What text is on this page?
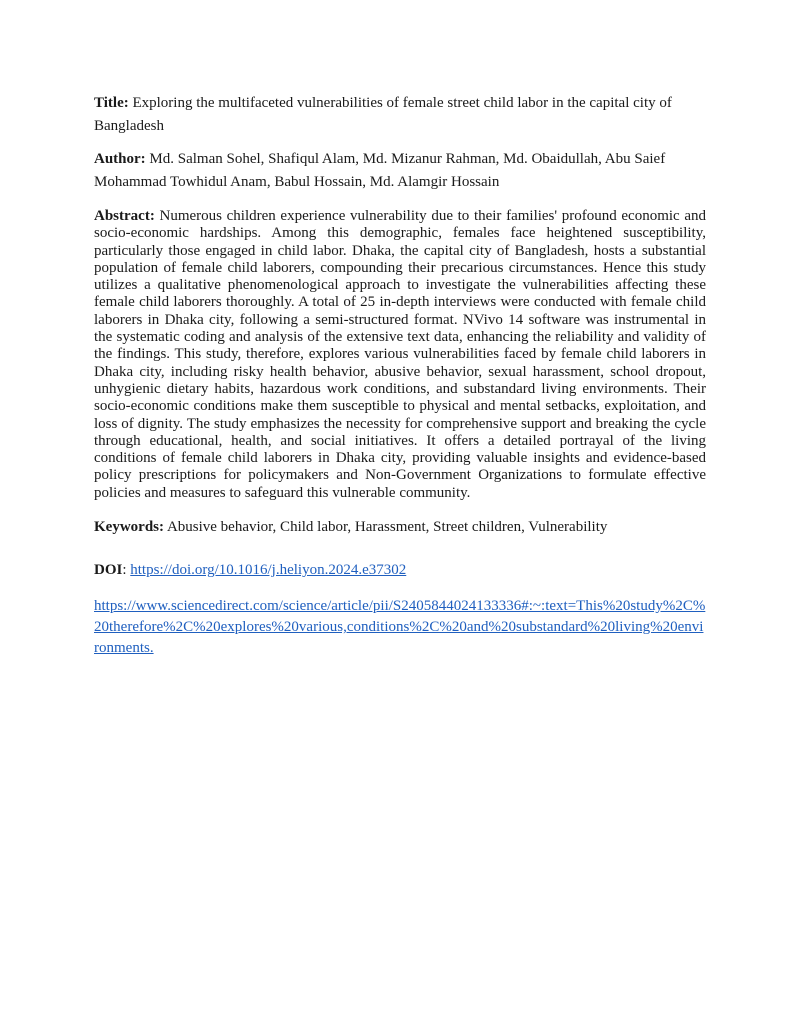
Title: Exploring the multifaceted vulnerabilities of female street child labor in the capital city of Bangladesh

Author: Md. Salman Sohel, Shafiqul Alam, Md. Mizanur Rahman, Md. Obaidullah, Abu Saief Mohammad Towhidul Anam, Babul Hossain, Md. Alamgir Hossain

Abstract: Numerous children experience vulnerability due to their families' profound economic and socio-economic hardships. Among this demographic, females face heightened susceptibility, particularly those engaged in child labor. Dhaka, the capital city of Bangladesh, hosts a substantial population of female child laborers, compounding their precarious circumstances. Hence this study utilizes a qualitative phenomenological approach to investigate the vulnerabilities affecting these female child laborers thoroughly. A total of 25 in-depth interviews were conducted with female child laborers in Dhaka city, following a semi-structured format. NVivo 14 software was instrumental in the systematic coding and analysis of the extensive text data, enhancing the reliability and validity of the findings. This study, therefore, explores various vulnerabilities faced by female child laborers in Dhaka city, including risky health behavior, abusive behavior, sexual harassment, school dropout, unhygienic dietary habits, hazardous work conditions, and substandard living environments. Their socio-economic conditions make them susceptible to physical and mental setbacks, exploitation, and loss of dignity. The study emphasizes the necessity for comprehensive support and breaking the cycle through educational, health, and social initiatives. It offers a detailed portrayal of the living conditions of female child laborers in Dhaka city, providing valuable insights and evidence-based policy prescriptions for policymakers and Non-Government Organizations to formulate effective policies and measures to safeguard this vulnerable community.

Keywords: Abusive behavior, Child labor, Harassment, Street children, Vulnerability

DOI: https://doi.org/10.1016/j.heliyon.2024.e37302

https://www.sciencedirect.com/science/article/pii/S2405844024133336#:~:text=This%20study%2C%20therefore%2C%20explores%20various,conditions%2C%20and%20substandard%20living%20environments.
